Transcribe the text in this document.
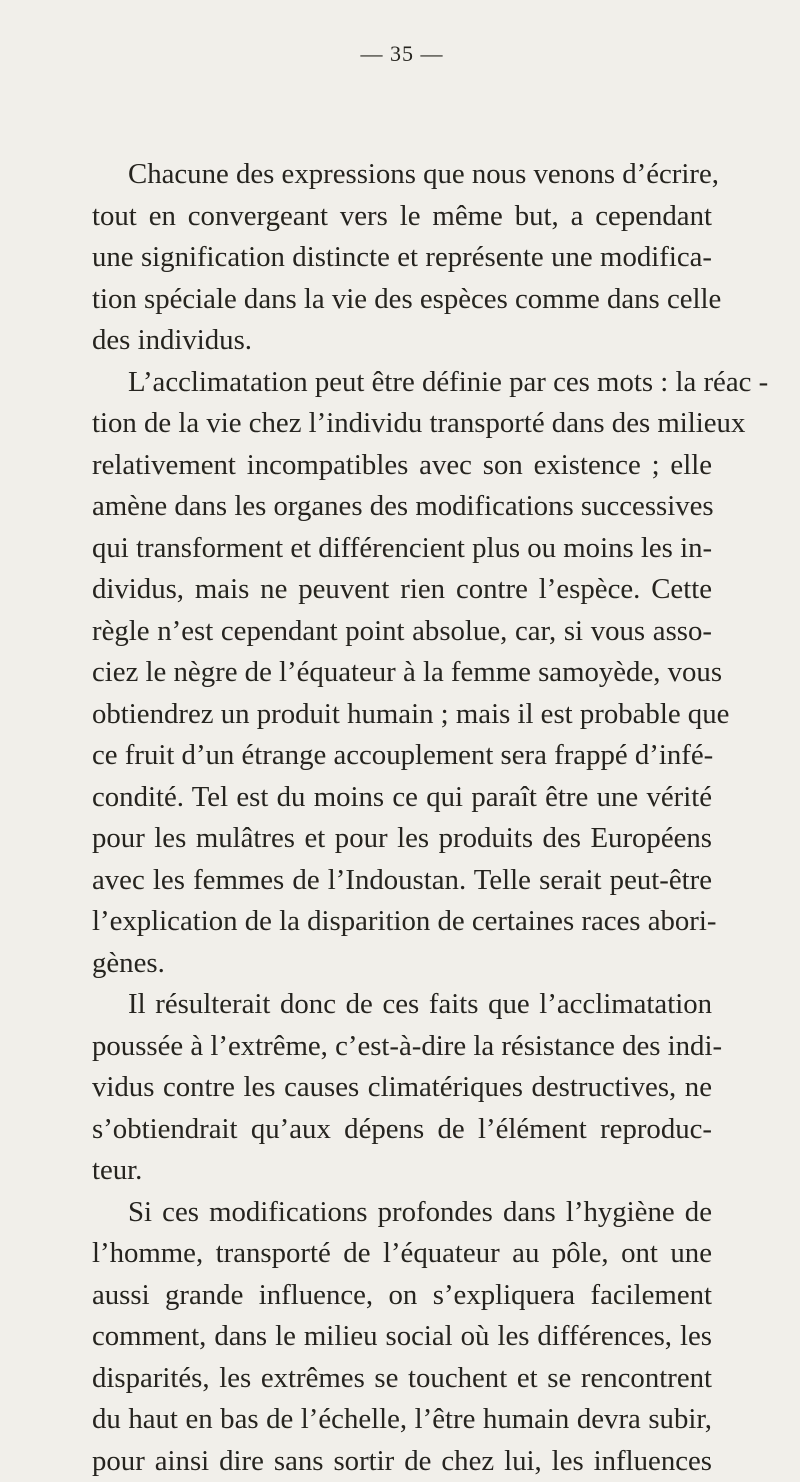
— 35 —
Chacune des expressions que nous venons d’écrire,
tout en convergeant vers le même but, a cependant
une signification distincte et représente une modifica-
tion spéciale dans la vie des espèces comme dans celle
des individus.
L’acclimatation peut être définie par ces mots : la réac -
tion de la vie chez l’individu transporté dans des milieux
relativement incompatibles avec son existence ; elle
amène dans les organes des modifications successives
qui transforment et différencient plus ou moins les in-
dividus, mais ne peuvent rien contre l’espèce. Cette
règle n’est cependant point absolue, car, si vous asso-
ciez le nègre de l’équateur à la femme samoyède, vous
obtiendrez un produit humain ; mais il est probable que
ce fruit d’un étrange accouplement sera frappé d’infé-
condité. Tel est du moins ce qui paraît être une vérité
pour les mulâtres et pour les produits des Européens
avec les femmes de l’Indoustan. Telle serait peut-être
l’explication de la disparition de certaines races abori-
gènes.
Il résulterait donc de ces faits que l’acclimatation
poussée à l’extrême, c’est-à-dire la résistance des indi-
vidus contre les causes climatériques destructives, ne
s’obtiendrait qu’aux dépens de l’élément reproduc-
teur.
Si ces modifications profondes dans l’hygiène de
l’homme, transporté de l’équateur au pôle, ont une
aussi grande influence, on s’expliquera facilement
comment, dans le milieu social où les différences, les
disparités, les extrêmes se touchent et se rencontrent
du haut en bas de l’échelle, l’être humain devra subir,
pour ainsi dire sans sortir de chez lui, les influences
